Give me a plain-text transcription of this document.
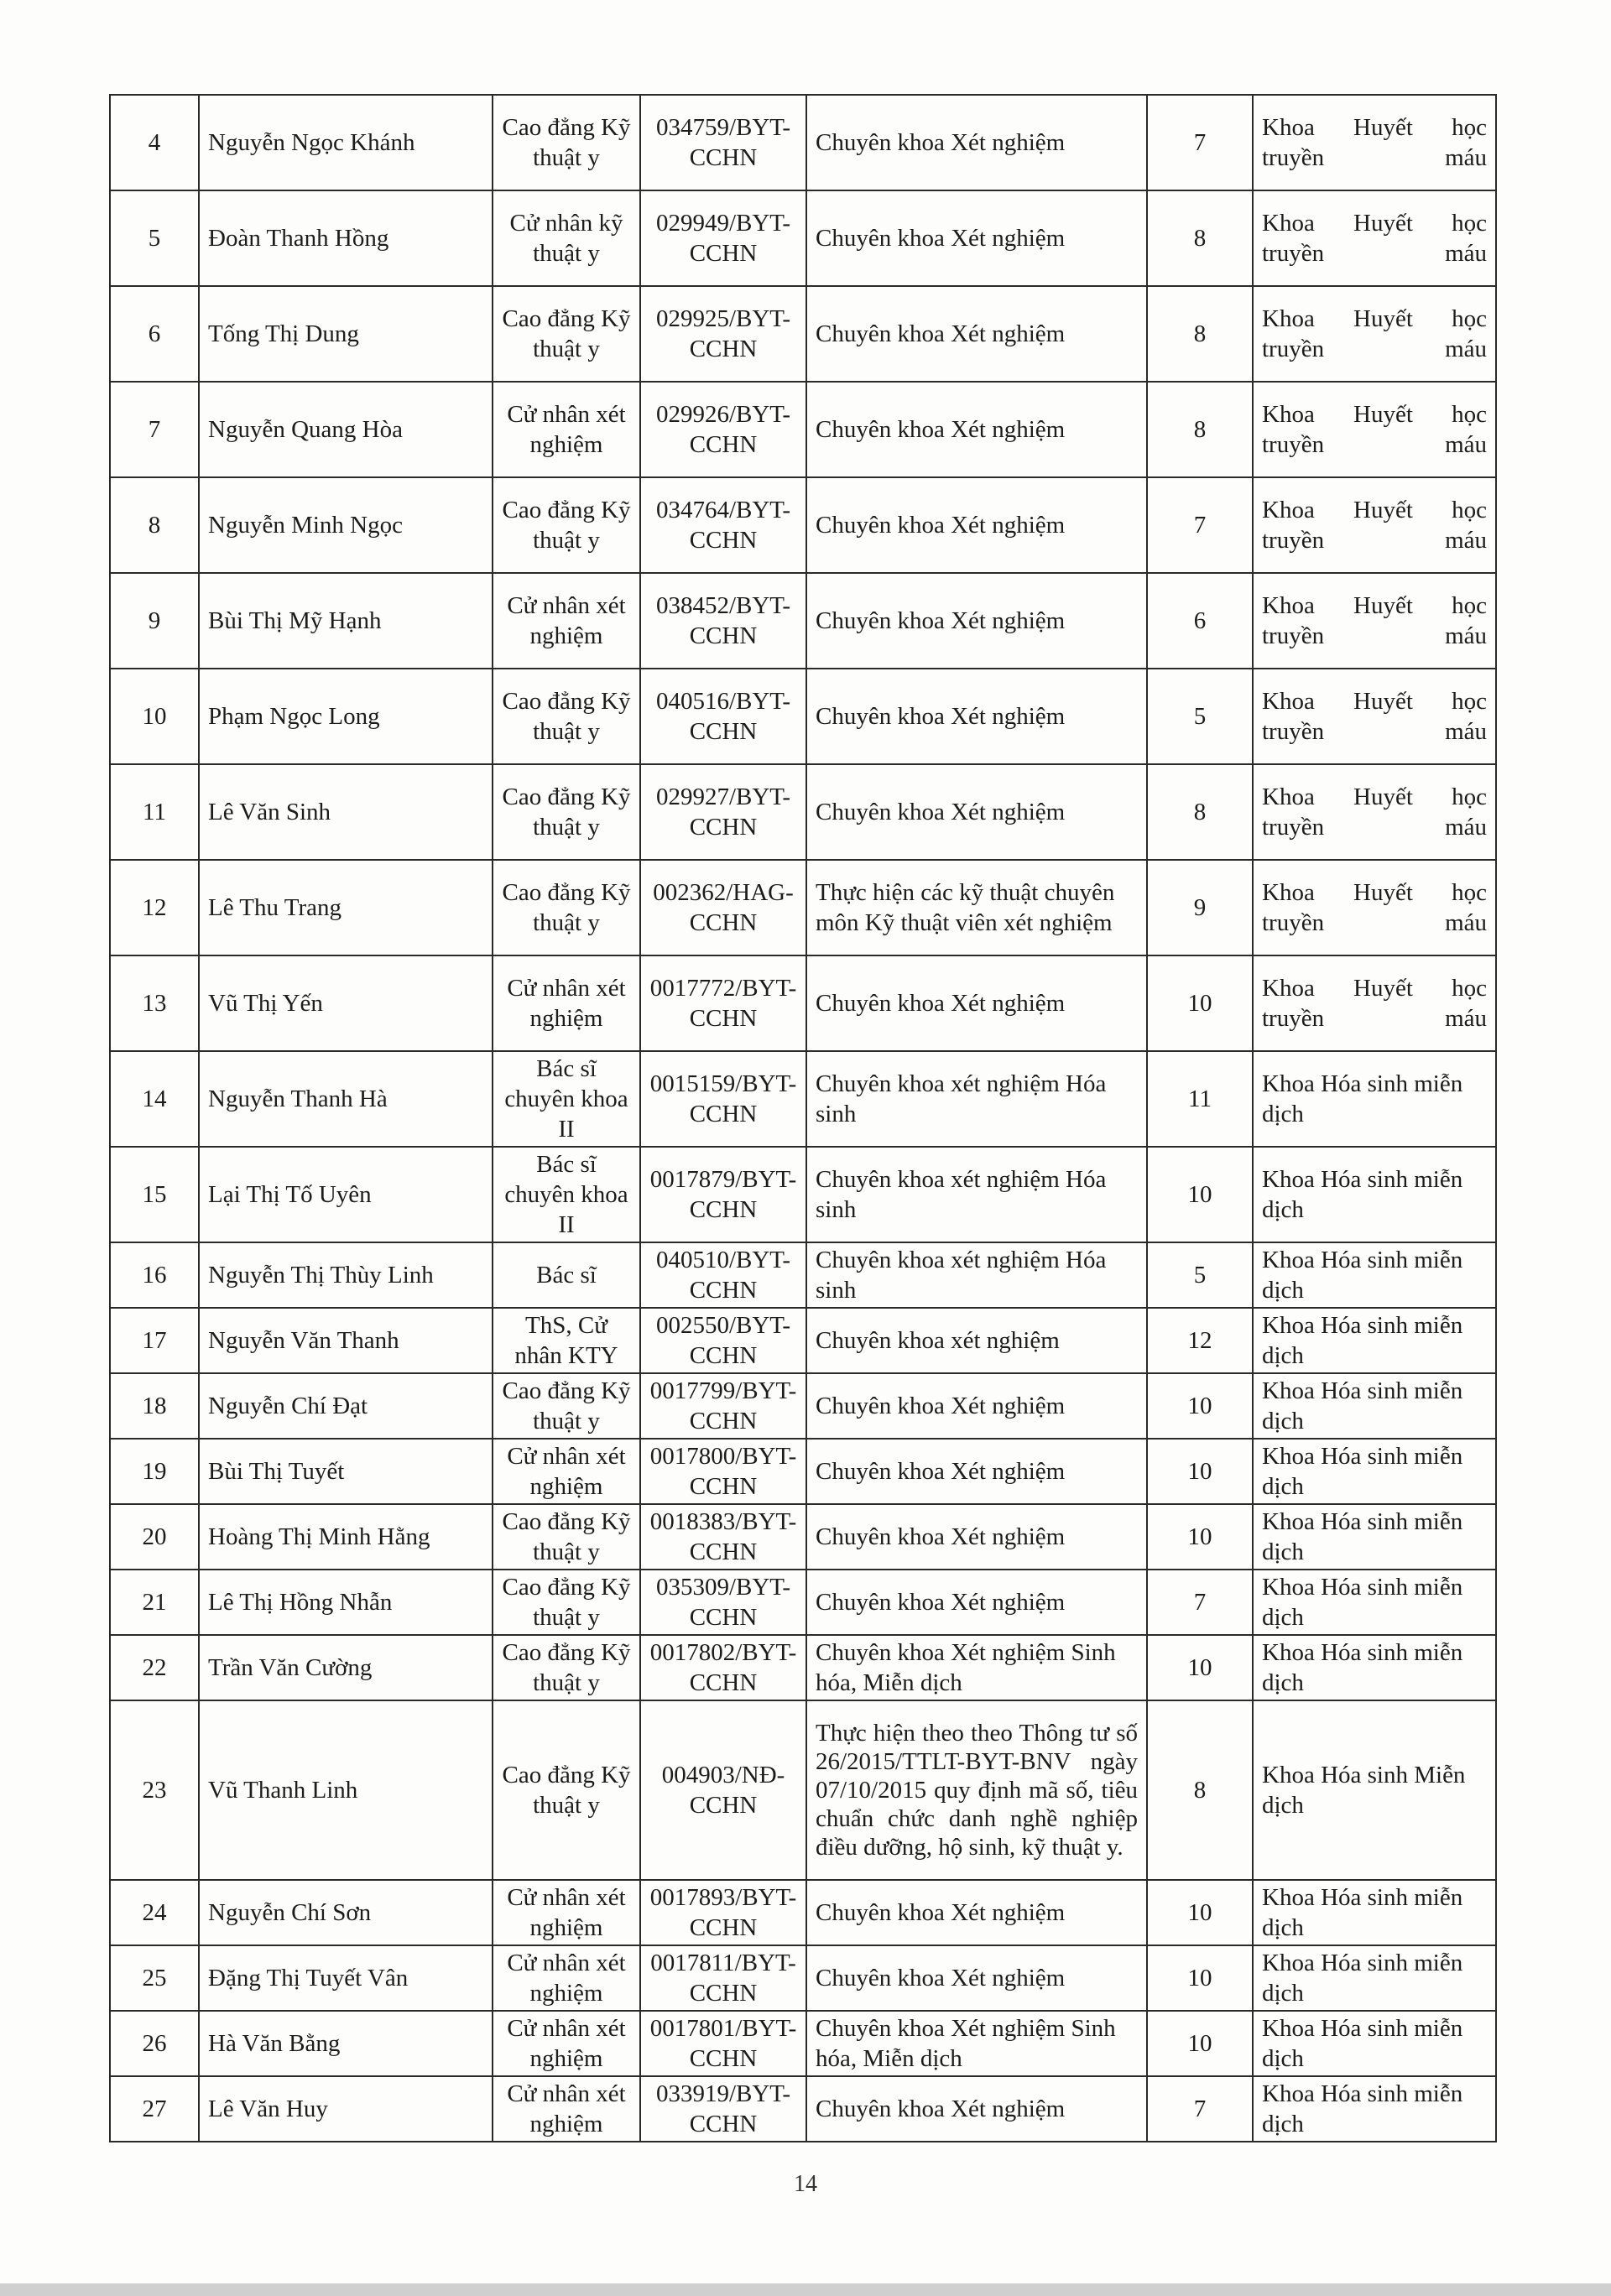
4	Nguyễn Ngọc Khánh	Cao đẳng Kỹ thuật y	034759/BYT-CCHN	Chuyên khoa Xét nghiệm	7	Khoa Huyết học truyền máu
5	Đoàn Thanh Hồng	Cử nhân kỹ thuật y	029949/BYT-CCHN	Chuyên khoa Xét nghiệm	8	Khoa Huyết học truyền máu
6	Tống Thị Dung	Cao đẳng Kỹ thuật y	029925/BYT-CCHN	Chuyên khoa Xét nghiệm	8	Khoa Huyết học truyền máu
7	Nguyễn Quang Hòa	Cử nhân xét nghiệm	029926/BYT-CCHN	Chuyên khoa Xét nghiệm	8	Khoa Huyết học truyền máu
8	Nguyễn Minh Ngọc	Cao đẳng Kỹ thuật y	034764/BYT-CCHN	Chuyên khoa Xét nghiệm	7	Khoa Huyết học truyền máu
9	Bùi Thị Mỹ Hạnh	Cử nhân xét nghiệm	038452/BYT-CCHN	Chuyên khoa Xét nghiệm	6	Khoa Huyết học truyền máu
10	Phạm Ngọc Long	Cao đẳng Kỹ thuật y	040516/BYT-CCHN	Chuyên khoa Xét nghiệm	5	Khoa Huyết học truyền máu
11	Lê Văn Sinh	Cao đẳng Kỹ thuật y	029927/BYT-CCHN	Chuyên khoa Xét nghiệm	8	Khoa Huyết học truyền máu
12	Lê Thu Trang	Cao đẳng Kỹ thuật y	002362/HAG-CCHN	Thực hiện các kỹ thuật chuyên môn Kỹ thuật viên xét nghiệm	9	Khoa Huyết học truyền máu
13	Vũ Thị Yến	Cử nhân xét nghiệm	0017772/BYT-CCHN	Chuyên khoa Xét nghiệm	10	Khoa Huyết học truyền máu
14	Nguyễn Thanh Hà	Bác sĩ chuyên khoa II	0015159/BYT-CCHN	Chuyên khoa xét nghiệm Hóa sinh	11	Khoa Hóa sinh miễn dịch
15	Lại Thị Tố Uyên	Bác sĩ chuyên khoa II	0017879/BYT-CCHN	Chuyên khoa xét nghiệm Hóa sinh	10	Khoa Hóa sinh miễn dịch
16	Nguyễn Thị Thùy Linh	Bác sĩ	040510/BYT-CCHN	Chuyên khoa xét nghiệm Hóa sinh	5	Khoa Hóa sinh miễn dịch
17	Nguyễn Văn Thanh	ThS, Cử nhân KTY	002550/BYT-CCHN	Chuyên khoa xét nghiệm	12	Khoa Hóa sinh miễn dịch
18	Nguyễn Chí Đạt	Cao đẳng Kỹ thuật y	0017799/BYT-CCHN	Chuyên khoa Xét nghiệm	10	Khoa Hóa sinh miễn dịch
19	Bùi Thị Tuyết	Cử nhân xét nghiệm	0017800/BYT-CCHN	Chuyên khoa Xét nghiệm	10	Khoa Hóa sinh miễn dịch
20	Hoàng Thị Minh Hằng	Cao đẳng Kỹ thuật y	0018383/BYT-CCHN	Chuyên khoa Xét nghiệm	10	Khoa Hóa sinh miễn dịch
21	Lê Thị Hồng Nhẫn	Cao đẳng Kỹ thuật y	035309/BYT-CCHN	Chuyên khoa Xét nghiệm	7	Khoa Hóa sinh miễn dịch
22	Trần Văn Cường	Cao đẳng Kỹ thuật y	0017802/BYT-CCHN	Chuyên khoa Xét nghiệm Sinh hóa, Miễn dịch	10	Khoa Hóa sinh miễn dịch
23	Vũ Thanh Linh	Cao đẳng Kỹ thuật y	004903/NĐ-CCHN	Thực hiện theo theo Thông tư số 26/2015/TTLT-BYT-BNV ngày 07/10/2015 quy định mã số, tiêu chuẩn chức danh nghề nghiệp điều dưỡng, hộ sinh, kỹ thuật y.	8	Khoa Hóa sinh Miễn dịch
24	Nguyễn Chí Sơn	Cử nhân xét nghiệm	0017893/BYT-CCHN	Chuyên khoa Xét nghiệm	10	Khoa Hóa sinh miễn dịch
25	Đặng Thị Tuyết Vân	Cử nhân xét nghiệm	0017811/BYT-CCHN	Chuyên khoa Xét nghiệm	10	Khoa Hóa sinh miễn dịch
26	Hà Văn Bằng	Cử nhân xét nghiệm	0017801/BYT-CCHN	Chuyên khoa Xét nghiệm Sinh hóa, Miễn dịch	10	Khoa Hóa sinh miễn dịch
27	Lê Văn Huy	Cử nhân xét nghiệm	033919/BYT-CCHN	Chuyên khoa Xét nghiệm	7	Khoa Hóa sinh miễn dịch
14
